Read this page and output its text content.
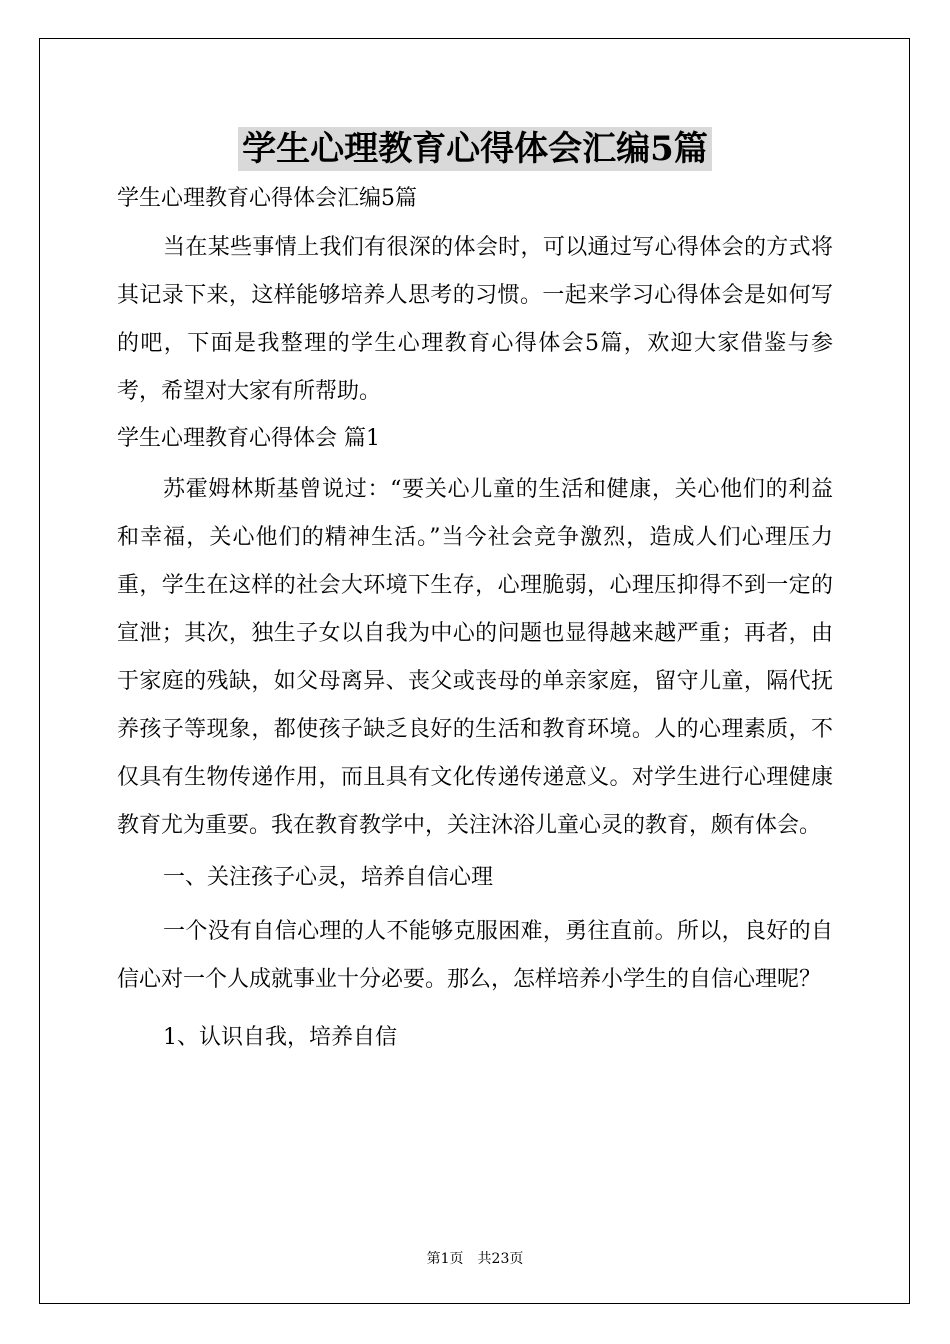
学生心理教育心得体会汇编5篇

学生心理教育心得体会汇编5篇

当在某些事情上我们有很深的体会时，可以通过写心得体会的方式将其记录下来，这样能够培养人思考的习惯。一起来学习心得体会是如何写的吧，下面是我整理的学生心理教育心得体会5篇，欢迎大家借鉴与参考，希望对大家有所帮助。

学生心理教育心得体会 篇1

苏霍姆林斯基曾说过：“要关心儿童的生活和健康，关心他们的利益和幸福，关心他们的精神生活。”当今社会竞争激烈，造成人们心理压力重，学生在这样的社会大环境下生存，心理脆弱，心理压抑得不到一定的宣泄；其次，独生子女以自我为中心的问题也显得越来越严重；再者，由于家庭的残缺，如父母离异、丧父或丧母的单亲家庭，留守儿童，隔代抚养孩子等现象，都使孩子缺乏良好的生活和教育环境。人的心理素质，不仅具有生物传递作用，而且具有文化传递传递意义。对学生进行心理健康教育尤为重要。我在教育教学中，关注沐浴儿童心灵的教育，颇有体会。

一、关注孩子心灵，培养自信心理

一个没有自信心理的人不能够克服困难，勇往直前。所以，良好的自信心对一个人成就事业十分必要。那么，怎样培养小学生的自信心理呢？

1、认识自我，培养自信

第1页　共23页
